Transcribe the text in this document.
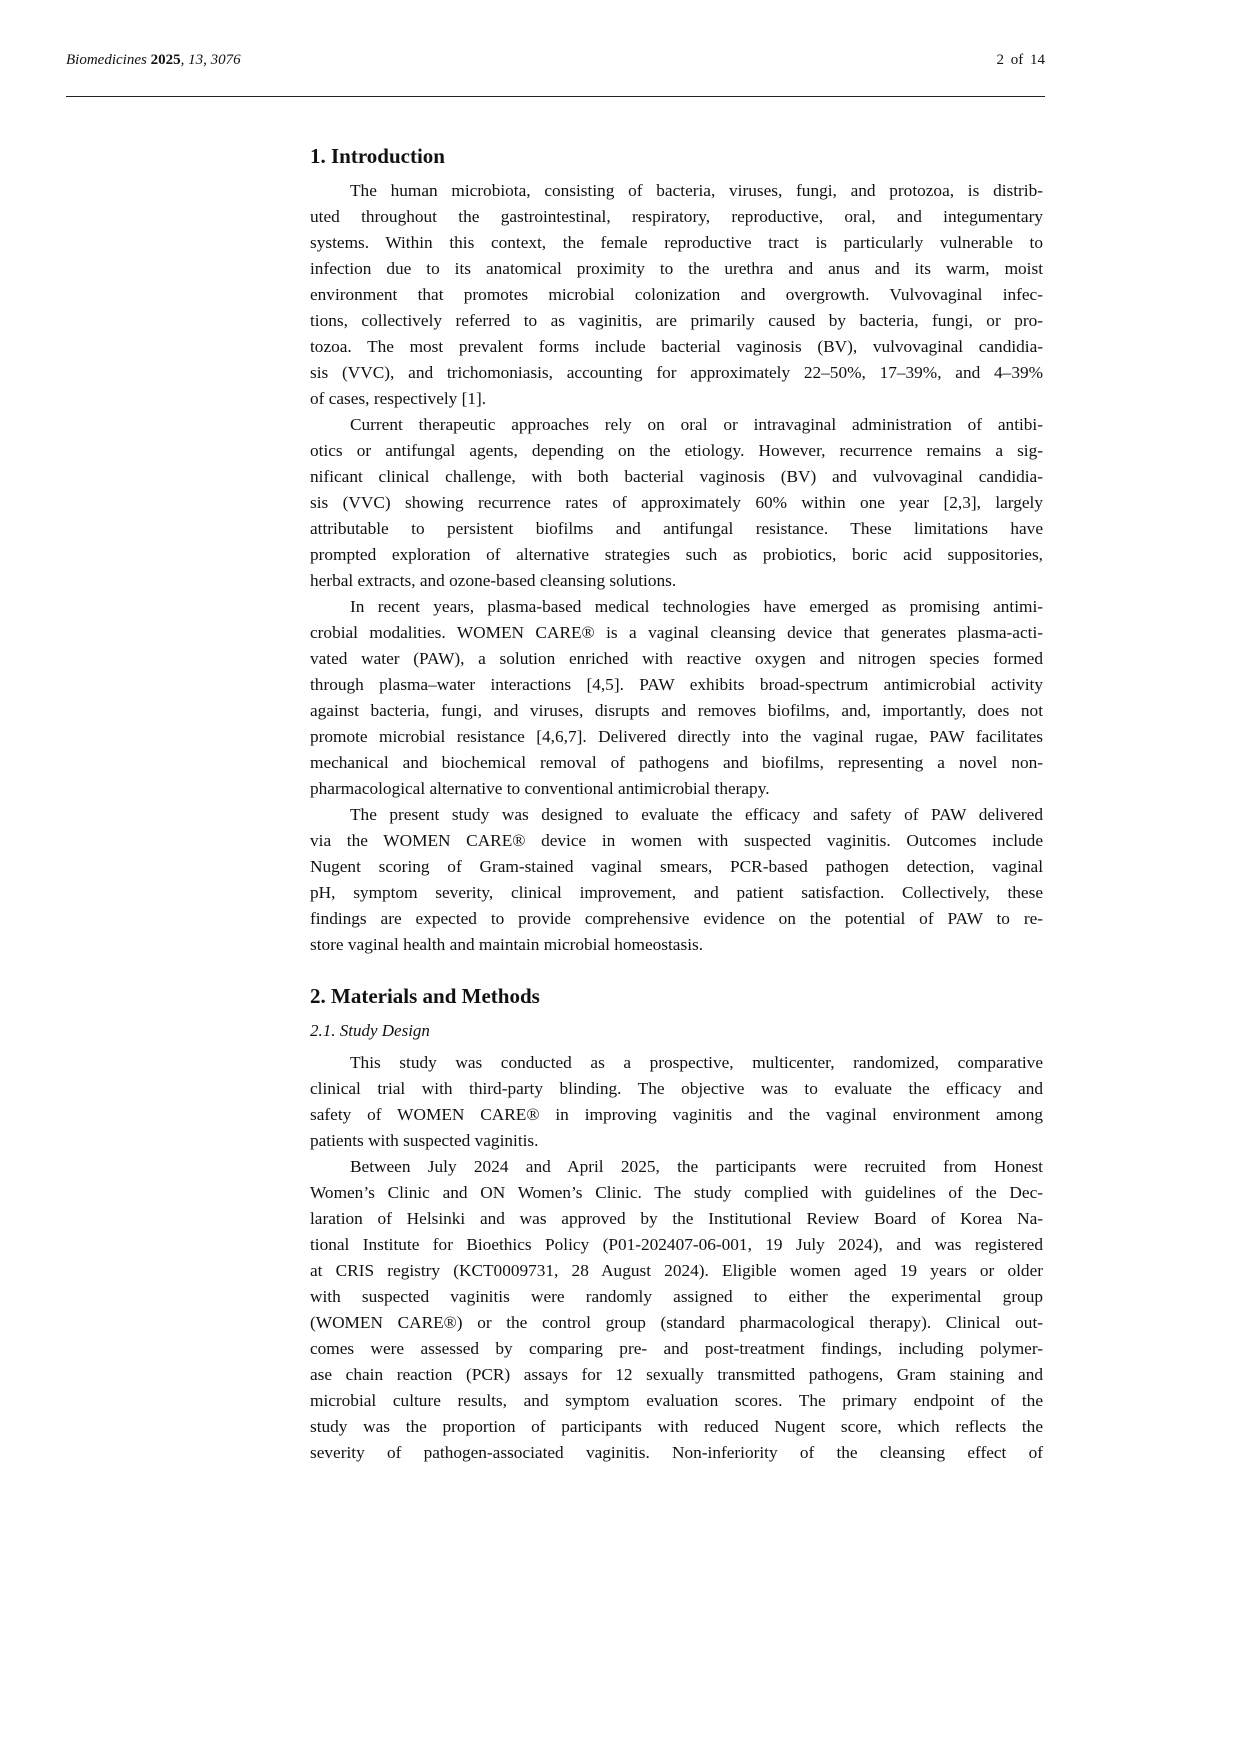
Biomedicines 2025, 13, 3076	2 of 14
1. Introduction
The human microbiota, consisting of bacteria, viruses, fungi, and protozoa, is distrib-
uted throughout the gastrointestinal, respiratory, reproductive, oral, and integumentary
systems. Within this context, the female reproductive tract is particularly vulnerable to
infection due to its anatomical proximity to the urethra and anus and its warm, moist
environment that promotes microbial colonization and overgrowth. Vulvovaginal infec-
tions, collectively referred to as vaginitis, are primarily caused by bacteria, fungi, or pro-
tozoa. The most prevalent forms include bacterial vaginosis (BV), vulvovaginal candidia-
sis (VVC), and trichomoniasis, accounting for approximately 22–50%, 17–39%, and 4–39%
of cases, respectively [1].
Current therapeutic approaches rely on oral or intravaginal administration of antibi-
otics or antifungal agents, depending on the etiology. However, recurrence remains a sig-
nificant clinical challenge, with both bacterial vaginosis (BV) and vulvovaginal candidia-
sis (VVC) showing recurrence rates of approximately 60% within one year [2,3], largely
attributable to persistent biofilms and antifungal resistance. These limitations have
prompted exploration of alternative strategies such as probiotics, boric acid suppositories,
herbal extracts, and ozone-based cleansing solutions.
In recent years, plasma-based medical technologies have emerged as promising antimi-
crobial modalities. WOMEN CARE® is a vaginal cleansing device that generates plasma-acti-
vated water (PAW), a solution enriched with reactive oxygen and nitrogen species formed
through plasma–water interactions [4,5]. PAW exhibits broad-spectrum antimicrobial activity
against bacteria, fungi, and viruses, disrupts and removes biofilms, and, importantly, does not
promote microbial resistance [4,6,7]. Delivered directly into the vaginal rugae, PAW facilitates
mechanical and biochemical removal of pathogens and biofilms, representing a novel non-
pharmacological alternative to conventional antimicrobial therapy.
The present study was designed to evaluate the efficacy and safety of PAW delivered
via the WOMEN CARE® device in women with suspected vaginitis. Outcomes include
Nugent scoring of Gram-stained vaginal smears, PCR-based pathogen detection, vaginal
pH, symptom severity, clinical improvement, and patient satisfaction. Collectively, these
findings are expected to provide comprehensive evidence on the potential of PAW to re-
store vaginal health and maintain microbial homeostasis.
2. Materials and Methods
2.1. Study Design
This study was conducted as a prospective, multicenter, randomized, comparative
clinical trial with third-party blinding. The objective was to evaluate the efficacy and
safety of WOMEN CARE® in improving vaginitis and the vaginal environment among
patients with suspected vaginitis.
Between July 2024 and April 2025, the participants were recruited from Honest
Women’s Clinic and ON Women’s Clinic. The study complied with guidelines of the Dec-
laration of Helsinki and was approved by the Institutional Review Board of Korea Na-
tional Institute for Bioethics Policy (P01-202407-06-001, 19 July 2024), and was registered
at CRIS registry (KCT0009731, 28 August 2024). Eligible women aged 19 years or older
with suspected vaginitis were randomly assigned to either the experimental group
(WOMEN CARE®) or the control group (standard pharmacological therapy). Clinical out-
comes were assessed by comparing pre- and post-treatment findings, including polymer-
ase chain reaction (PCR) assays for 12 sexually transmitted pathogens, Gram staining and
microbial culture results, and symptom evaluation scores. The primary endpoint of the
study was the proportion of participants with reduced Nugent score, which reflects the
severity of pathogen-associated vaginitis. Non-inferiority of the cleansing effect of
